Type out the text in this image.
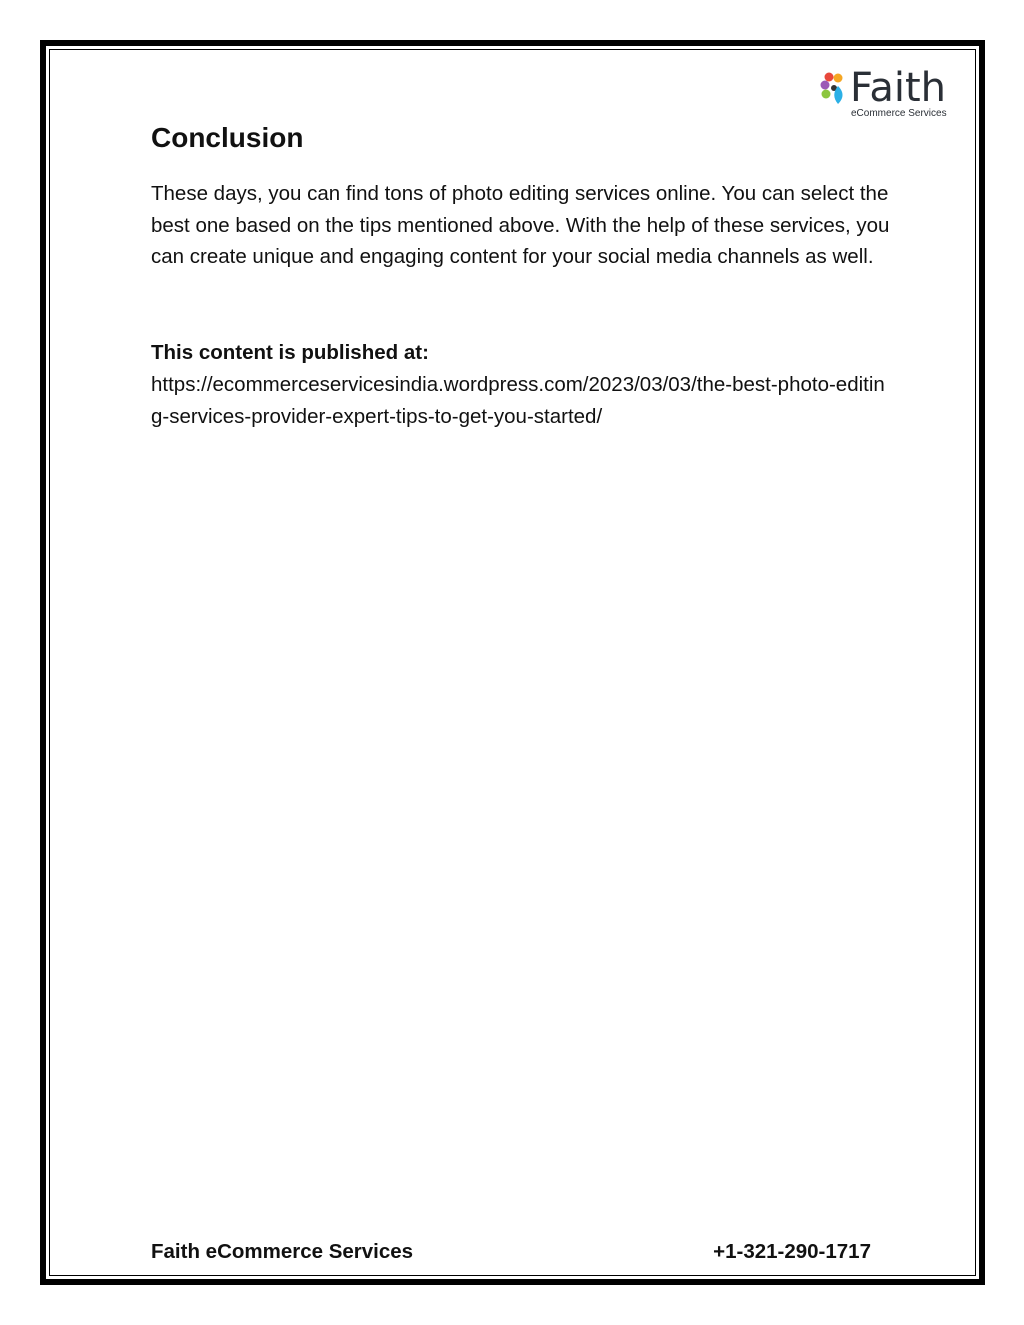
Faith
eCommerce Services
Conclusion

These days, you can find tons of photo editing services online. You can select the best one based on the tips mentioned above. With the help of these services, you can create unique and engaging content for your social media channels as well.

This content is published at:

https://ecommerceservicesindia.wordpress.com/2023/03/03/the-best-photo-editing-services-provider-expert-tips-to-get-you-started/

Faith eCommerce Services	+1-321-290-1717
